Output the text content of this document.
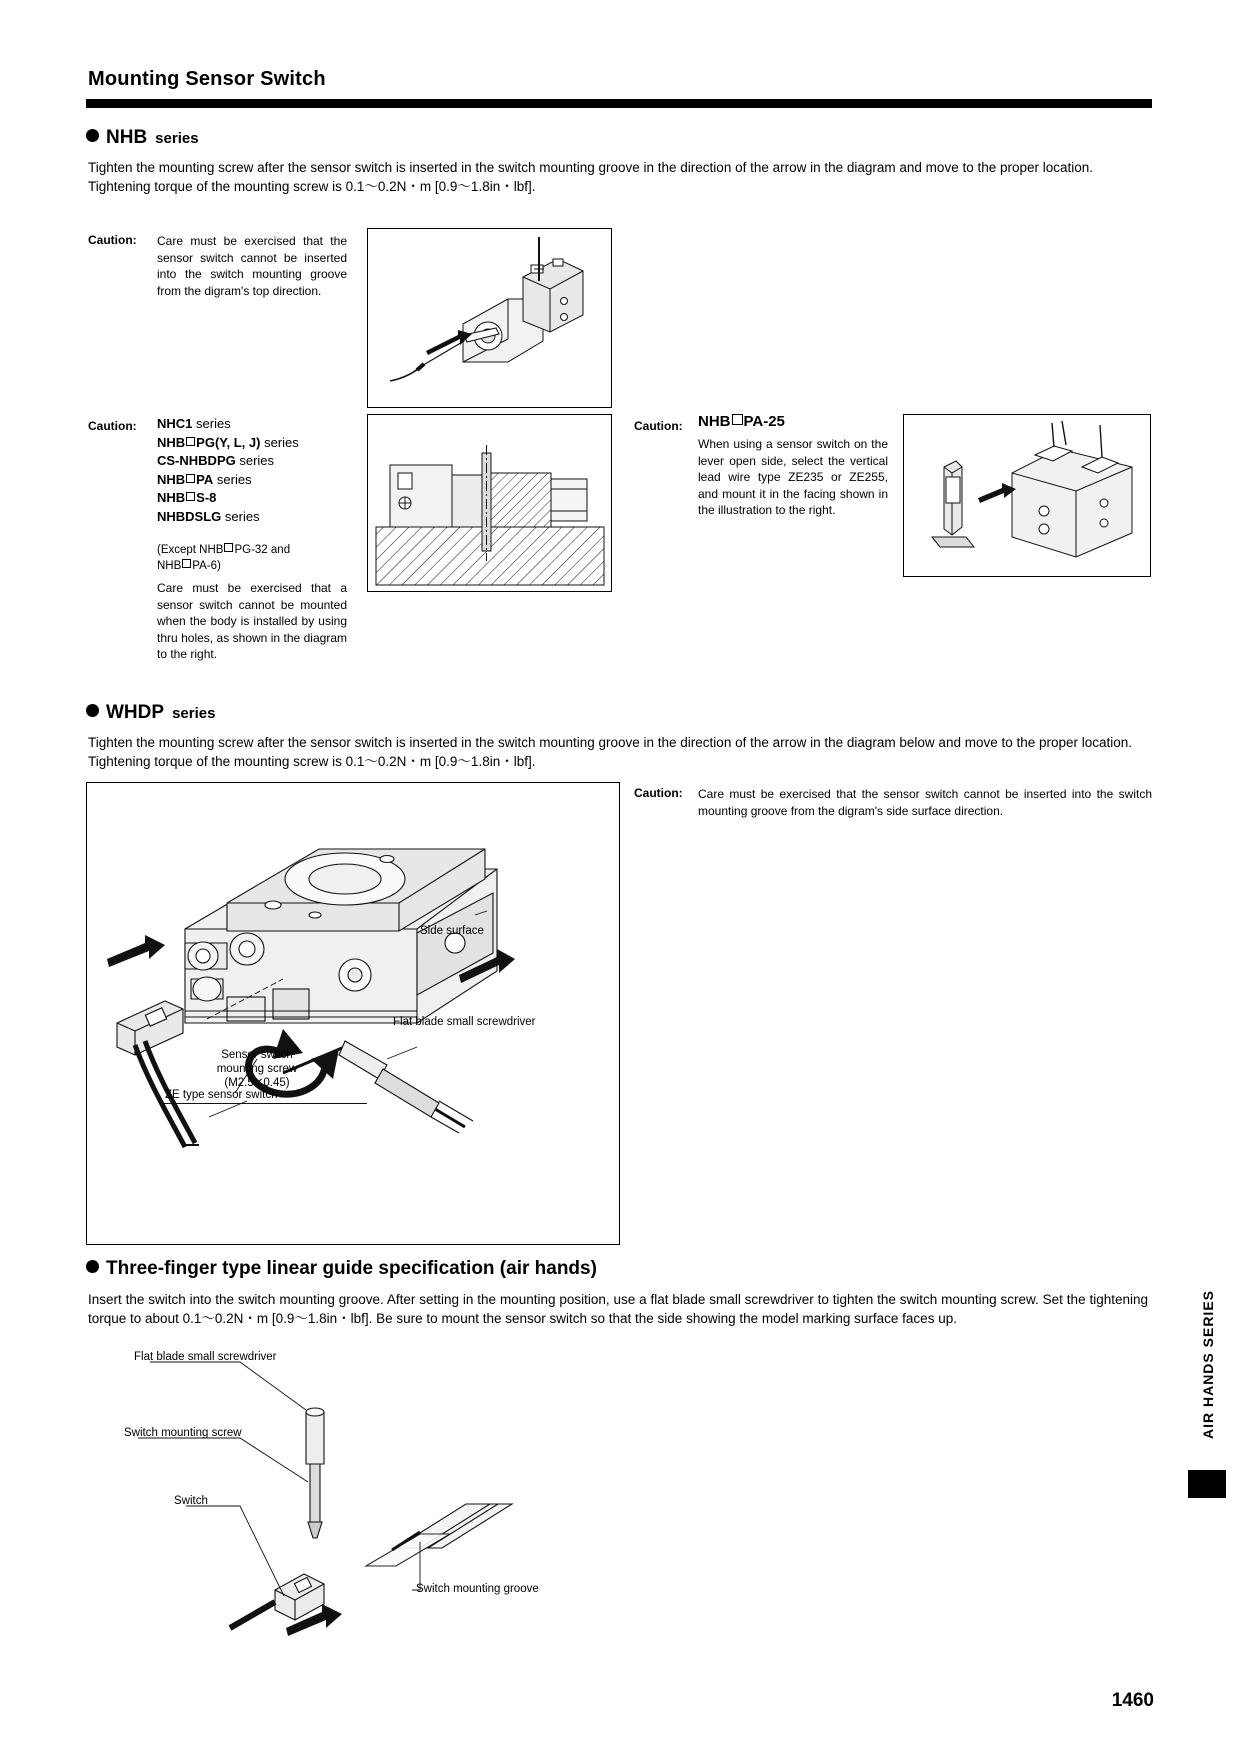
Mounting Sensor Switch
NHB series
Tighten the mounting screw after the sensor switch is inserted in the switch mounting groove in the direction of the arrow in the diagram and move to the proper location. Tightening torque of the mounting screw is 0.1〜0.2N・m [0.9〜1.8in・lbf].
Caution: Care must be exercised that the sensor switch cannot be inserted into the switch mounting groove from the digram's top direction.
Caution: NHC1 series
NHB PG(Y, L, J) series
CS-NHBDPG series
NHB PA series
NHB S-8
NHBDSLG series
(Except NHB PG-32 and
NHB PA-6)
Care must be exercised that a sensor switch cannot be mounted when the body is installed by using thru holes, as shown in the diagram to the right.
Caution: NHB PA-25
When using a sensor switch on the lever open side, select the vertical lead wire type ZE235 or ZE255, and mount it in the facing shown in the illustration to the right.
WHDP series
Tighten the mounting screw after the sensor switch is inserted in the switch mounting groove in the direction of the arrow in the diagram below and move to the proper location. Tightening torque of the mounting screw is 0.1〜0.2N・m [0.9〜1.8in・lbf].
Caution: Care must be exercised that the sensor switch cannot be inserted into the switch mounting groove from the digram's side surface direction.
Side surface
Flat blade small screwdriver
Sensor switch
mounting screw
(M2.5✕0.45)
ZE type sensor switch
Three-finger type linear guide specification (air hands)
Insert the switch into the switch mounting groove. After setting in the mounting position, use a flat blade small screwdriver to tighten the switch mounting screw. Set the tightening torque to about 0.1〜0.2N・m [0.9〜1.8in・lbf]. Be sure to mount the sensor switch so that the side showing the model marking surface faces up.
Flat blade small screwdriver
Switch mounting screw
Switch
Switch mounting groove
AIR HANDS SERIES
1460
